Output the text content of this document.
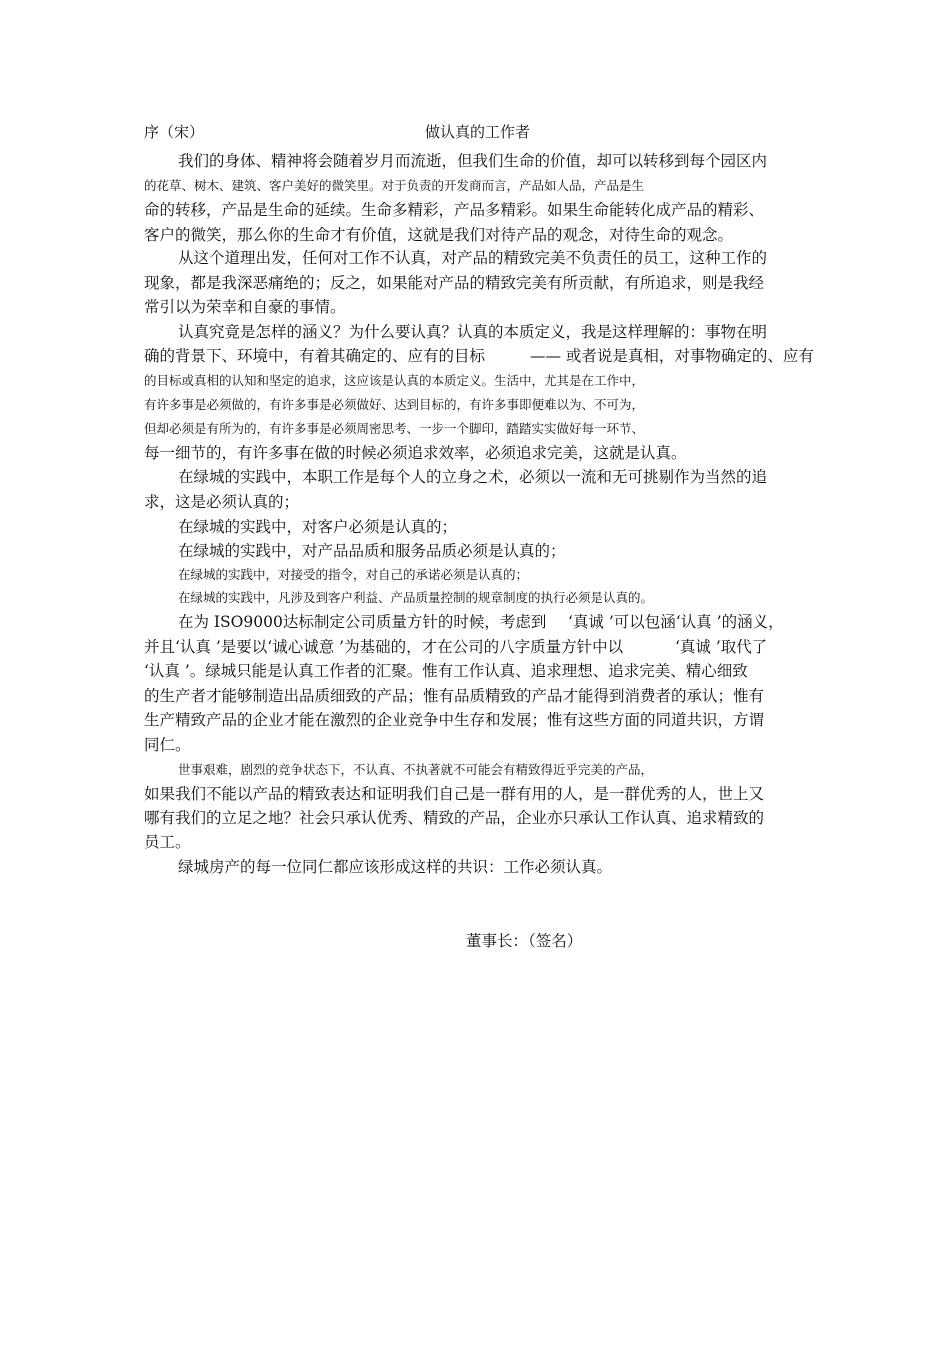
序（宋）	做认真的工作者
我们的身体、精神将会随着岁月而流逝，但我们生命的价值，却可以转移到每个园区内
的花草、树木、建筑、客户美好的微笑里。对于负责的开发商而言，产品如人品，产品是生
命的转移，产品是生命的延续。生命多精彩，产品多精彩。如果生命能转化成产品的精彩、
客户的微笑，那么你的生命才有价值，这就是我们对待产品的观念，对待生命的观念。
从这个道理出发，任何对工作不认真，对产品的精致完美不负责任的员工，这种工作的
现象，都是我深恶痛绝的；反之，如果能对产品的精致完美有所贡献，有所追求，则是我经
常引以为荣幸和自豪的事情。
认真究竟是怎样的涵义？为什么要认真？认真的本质定义，我是这样理解的：事物在明
确的背景下、环境中，有着其确定的、应有的目标	—— 或者说是真相，对事物确定的、应有
的目标或真相的认知和坚定的追求，这应该是认真的本质定义。生活中，尤其是在工作中，
有许多事是必须做的，有许多事是必须做好、达到目标的，有许多事即便难以为、不可为，
但却必须是有所为的，有许多事是必须周密思考、一步一个脚印，踏踏实实做好每一环节、
每一细节的，有许多事在做的时候必须追求效率，必须追求完美，这就是认真。
在绿城的实践中，本职工作是每个人的立身之术，必须以一流和无可挑剔作为当然的追
求，这是必须认真的；
在绿城的实践中，对客户必须是认真的；
在绿城的实践中，对产品品质和服务品质必须是认真的；
在绿城的实践中，对接受的指令，对自己的承诺必须是认真的；
在绿城的实践中，凡涉及到客户利益、产品质量控制的规章制度的执行必须是认真的。
在为 ISO9000达标制定公司质量方针的时候，考虑到 ‘真诚 ’可以包涵‘认真 ’的涵义，
并且‘认真 ’是要以‘诚心诚意 ’为基础的，才在公司的八字质量方针中以	‘真诚 ’取代了
‘认真 ’。绿城只能是认真工作者的汇聚。惟有工作认真、追求理想、追求完美、精心细致
的生产者才能够制造出品质细致的产品；惟有品质精致的产品才能得到消费者的承认；惟有
生产精致产品的企业才能在激烈的企业竞争中生存和发展；惟有这些方面的同道共识，方谓
同仁。
世事艰难，剧烈的竞争状态下，不认真、不执著就不可能会有精致得近乎完美的产品，
如果我们不能以产品的精致表达和证明我们自己是一群有用的人，是一群优秀的人，世上又
哪有我们的立足之地？社会只承认优秀、精致的产品，企业亦只承认工作认真、追求精致的
员工。
绿城房产的每一位同仁都应该形成这样的共识：工作必须认真。
董事长：（签名）
